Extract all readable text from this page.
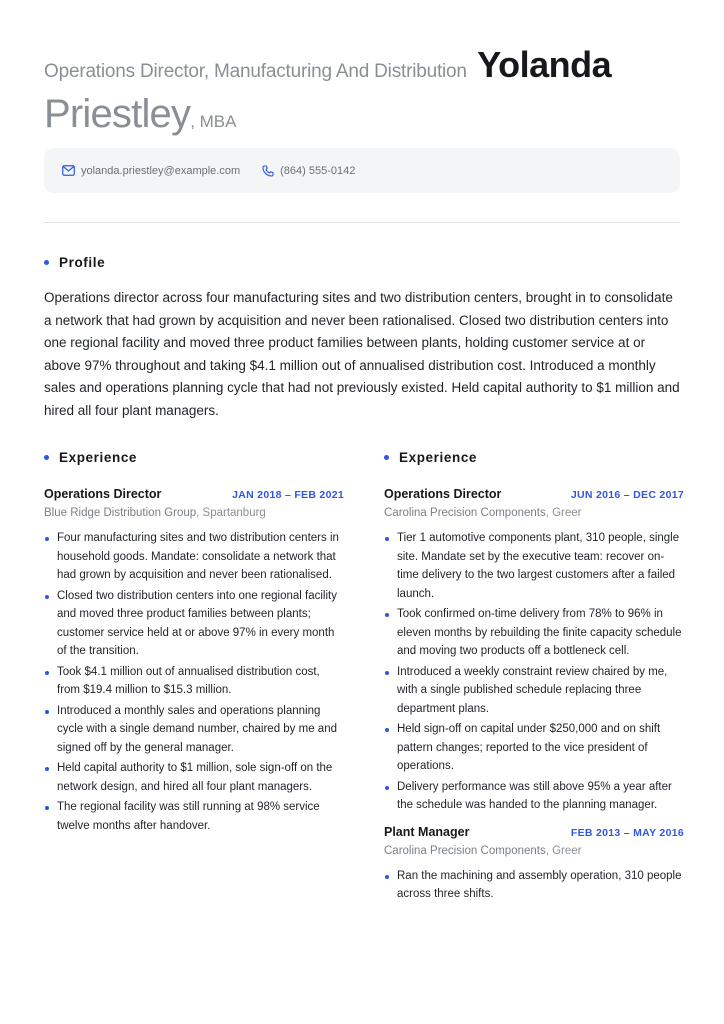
Operations Director, Manufacturing And Distribution Yolanda
Priestley, MBA
yolanda.priestley@example.com	(864) 555-0142
Profile

Operations director across four manufacturing sites and two distribution centers, brought in to consolidate a network that had grown by acquisition and never been rationalised. Closed two distribution centers into one regional facility and moved three product families between plants, holding customer service at or above 97% throughout and taking $4.1 million out of annualised distribution cost. Introduced a monthly sales and operations planning cycle that had not previously existed. Held capital authority to $1 million and hired all four plant managers.

Experience
Operations Director	JAN 2018 – FEB 2021
Blue Ridge Distribution Group, Spartanburg
Four manufacturing sites and two distribution centers in household goods. Mandate: consolidate a network that had grown by acquisition and never been rationalised.
Closed two distribution centers into one regional facility and moved three product families between plants; customer service held at or above 97% in every month of the transition.
Took $4.1 million out of annualised distribution cost, from $19.4 million to $15.3 million.
Introduced a monthly sales and operations planning cycle with a single demand number, chaired by me and signed off by the general manager.
Held capital authority to $1 million, sole sign-off on the network design, and hired all four plant managers.
The regional facility was still running at 98% service twelve months after handover.
Experience
Operations Director	JUN 2016 – DEC 2017
Carolina Precision Components, Greer
Tier 1 automotive components plant, 310 people, single site. Mandate set by the executive team: recover on-time delivery to the two largest customers after a failed launch.
Took confirmed on-time delivery from 78% to 96% in eleven months by rebuilding the finite capacity schedule and moving two products off a bottleneck cell.
Introduced a weekly constraint review chaired by me, with a single published schedule replacing three department plans.
Held sign-off on capital under $250,000 and on shift pattern changes; reported to the vice president of operations.
Delivery performance was still above 95% a year after the schedule was handed to the planning manager.
Plant Manager	FEB 2013 – MAY 2016
Carolina Precision Components, Greer
Ran the machining and assembly operation, 310 people across three shifts.
